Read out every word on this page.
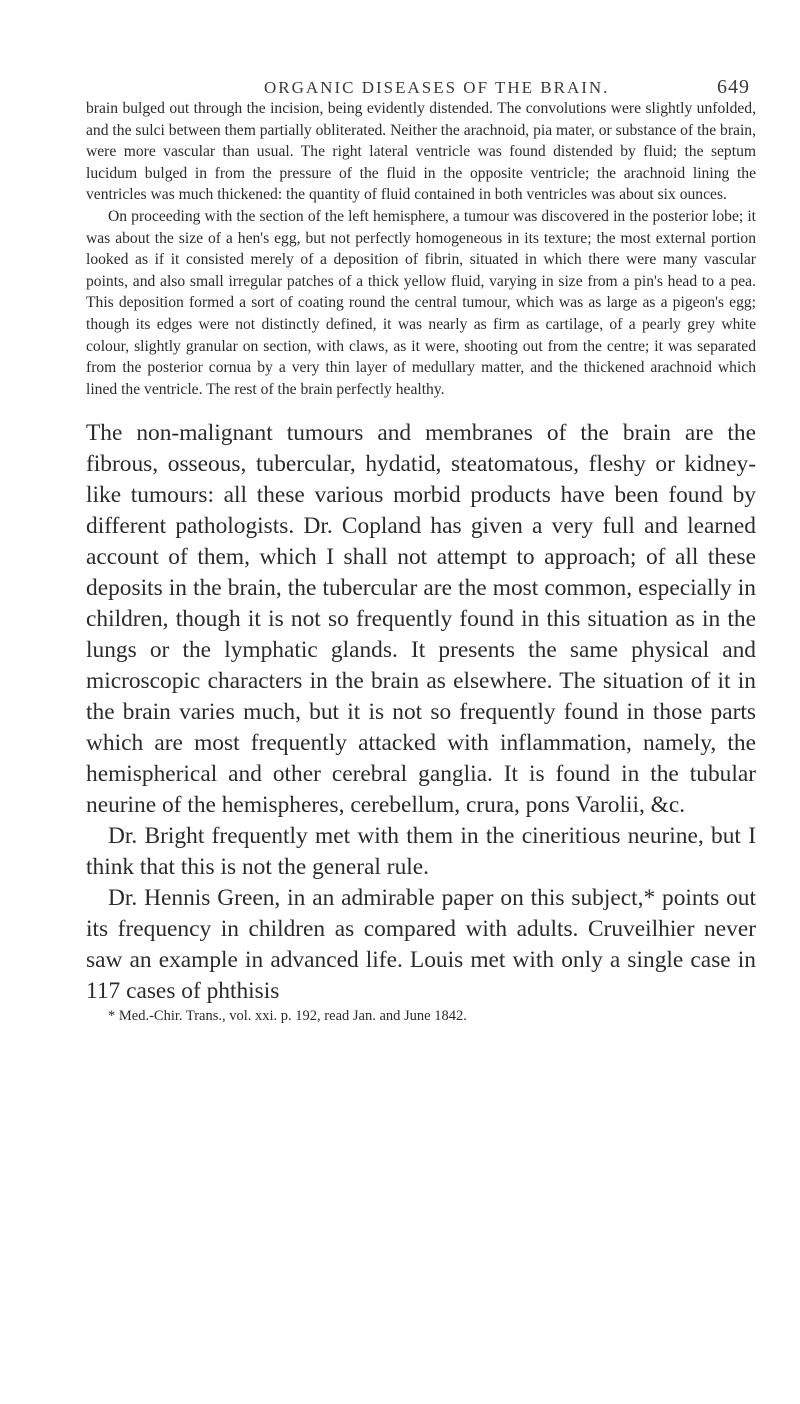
ORGANIC DISEASES OF THE BRAIN.	649

brain bulged out through the incision, being evidently distended. The convolutions were slightly unfolded, and the sulci between them partially obliterated. Neither the arachnoid, pia mater, or substance of the brain, were more vascular than usual. The right lateral ventricle was found distended by fluid; the septum lucidum bulged in from the pressure of the fluid in the opposite ventricle; the arachnoid lining the ventricles was much thickened: the quantity of fluid contained in both ventricles was about six ounces.

On proceeding with the section of the left hemisphere, a tumour was discovered in the posterior lobe; it was about the size of a hen's egg, but not perfectly homogeneous in its texture; the most external portion looked as if it consisted merely of a deposition of fibrin, situated in which there were many vascular points, and also small irregular patches of a thick yellow fluid, varying in size from a pin's head to a pea. This deposition formed a sort of coating round the central tumour, which was as large as a pigeon's egg; though its edges were not distinctly defined, it was nearly as firm as cartilage, of a pearly grey white colour, slightly granular on section, with claws, as it were, shooting out from the centre; it was separated from the posterior cornua by a very thin layer of medullary matter, and the thickened arachnoid which lined the ventricle. The rest of the brain perfectly healthy.

The non-malignant tumours and membranes of the brain are the fibrous, osseous, tubercular, hydatid, steatomatous, fleshy or kidney-like tumours: all these various morbid products have been found by different pathologists. Dr. Copland has given a very full and learned account of them, which I shall not attempt to approach; of all these deposits in the brain, the tubercular are the most common, especially in children, though it is not so frequently found in this situation as in the lungs or the lymphatic glands. It presents the same physical and microscopic characters in the brain as elsewhere. The situation of it in the brain varies much, but it is not so frequently found in those parts which are most frequently attacked with inflammation, namely, the hemispherical and other cerebral ganglia. It is found in the tubular neurine of the hemispheres, cerebellum, crura, pons Varolii, &c.

Dr. Bright frequently met with them in the cineritious neurine, but I think that this is not the general rule.

Dr. Hennis Green, in an admirable paper on this subject,* points out its frequency in children as compared with adults. Cruveilhier never saw an example in advanced life. Louis met with only a single case in 117 cases of phthisis

* Med.-Chir. Trans., vol. xxi. p. 192, read Jan. and June 1842.
